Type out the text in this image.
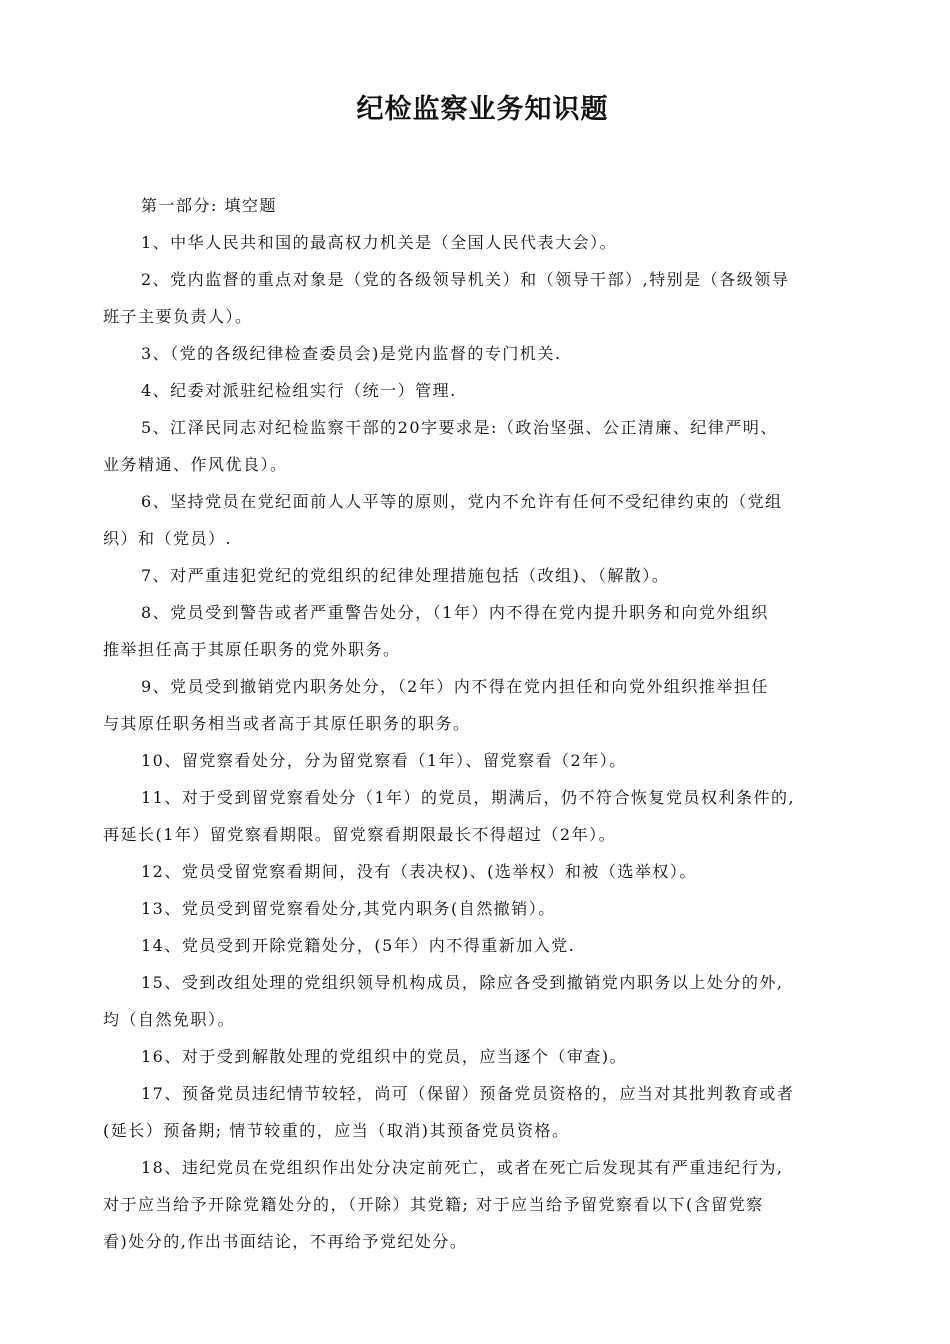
纪检监察业务知识题

第一部分: 填空题

1、中华人民共和国的最高权力机关是（全国人民代表大会）。

2、党内监督的重点对象是（党的各级领导机关）和（领导干部）,特别是（各级领导
班子主要负责人）。

3、（党的各级纪律检查委员会)是党内监督的专门机关.

4、纪委对派驻纪检组实行（统一）管理.

5、江泽民同志对纪检监察干部的20字要求是:（政治坚强、公正清廉、纪律严明、
业务精通、作风优良）。

6、坚持党员在党纪面前人人平等的原则，党内不允许有任何不受纪律约束的（党组
织）和（党员）.

7、对严重违犯党纪的党组织的纪律处理措施包括（改组)、（解散）。

8、党员受到警告或者严重警告处分，（1年）内不得在党内提升职务和向党外组织
推举担任高于其原任职务的党外职务。

9、党员受到撤销党内职务处分，（2年）内不得在党内担任和向党外组织推举担任
与其原任职务相当或者高于其原任职务的职务。

10、留党察看处分，分为留党察看（1年）、留党察看（2年）。

11、对于受到留党察看处分（1年）的党员，期满后，仍不符合恢复党员权利条件的,
再延长(1年）留党察看期限。留党察看期限最长不得超过（2年）。

12、党员受留党察看期间，没有（表决权)、(选举权）和被（选举权）。

13、党员受到留党察看处分,其党内职务(自然撤销）。

14、党员受到开除党籍处分，(5年）内不得重新加入党.

15、受到改组处理的党组织领导机构成员，除应各受到撤销党内职务以上处分的外,
均（自然免职）。

16、对于受到解散处理的党组织中的党员，应当逐个（审查)。

17、预备党员违纪情节较轻，尚可（保留）预备党员资格的，应当对其批判教育或者
(延长）预备期; 情节较重的，应当（取消)其预备党员资格。

18、违纪党员在党组织作出处分决定前死亡，或者在死亡后发现其有严重违纪行为,
对于应当给予开除党籍处分的，（开除）其党籍; 对于应当给予留党察看以下(含留党察
看)处分的,作出书面结论，不再给予党纪处分。
